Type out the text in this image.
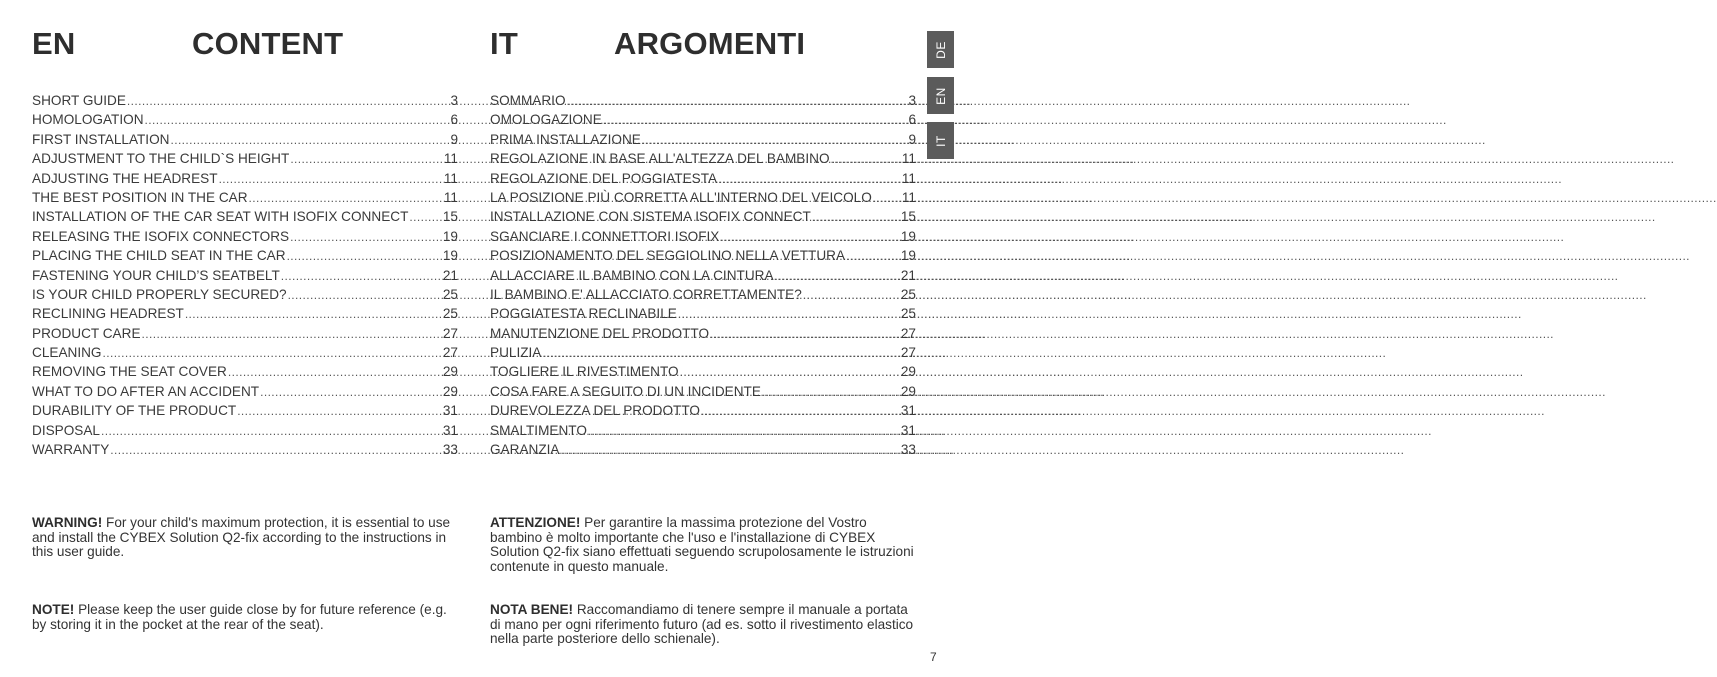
EN	CONTENT	IT	ARGOMENTI
SHORT GUIDE .....	3
HOMOLOGATION .....	6
FIRST INSTALLATION .....	9
ADJUSTMENT TO THE CHILD`S HEIGHT .....	11
ADJUSTING THE HEADREST .....	11
THE BEST POSITION IN THE CAR .....	11
INSTALLATION OF THE CAR SEAT WITH ISOFIX CONNECT .....	15
RELEASING THE ISOFIX CONNECTORS .....	19
PLACING THE CHILD SEAT IN THE CAR .....	19
FASTENING YOUR CHILD’S SEATBELT .....	21
IS YOUR CHILD PROPERLY SECURED? .....	25
RECLINING HEADREST .....	25
PRODUCT CARE .....	27
CLEANING .....	27
REMOVING THE SEAT COVER .....	29
WHAT TO DO AFTER AN ACCIDENT .....	29
DURABILITY OF THE PRODUCT .....	31
DISPOSAL .....	31
WARRANTY .....	33
SOMMARIO .....	3
OMOLOGAZIONE .....	6
PRIMA INSTALLAZIONE .....	9
REGOLAZIONE IN BASE ALL'ALTEZZA DEL BAMBINO .....	11
REGOLAZIONE DEL POGGIATESTA .....	11
LA POSIZIONE PIÙ CORRETTA ALL'INTERNO DEL VEICOLO ..... 11
INSTALLAZIONE CON SISTEMA ISOFIX CONNECT .....	15
SGANCIARE I CONNETTORI ISOFIX .....	19
POSIZIONAMENTO DEL SEGGIOLINO NELLA VETTURA .....	19
ALLACCIARE IL BAMBINO CON LA CINTURA .....	21
IL BAMBINO E' ALLACCIATO CORRETTAMENTE? .....	25
POGGIATESTA RECLINABILE .....	25
MANUTENZIONE DEL PRODOTTO .....	27
PULIZIA .....	27
TOGLIERE IL RIVESTIMENTO .....	29
COSA FARE A SEGUITO DI UN INCIDENTE .....	29
DUREVOLEZZA DEL PRODOTTO .....	31
SMALTIMENTO .....	31
GARANZIA .....	33

WARNING! For your child's maximum protection, it is essential to use and install the CYBEX Solution Q2-fix according to the instructions in this user guide.

NOTE! Please keep the user guide close by for future reference (e.g. by storing it in the pocket at the rear of the seat).

ATTENZIONE! Per garantire la massima protezione del Vostro bambino è molto importante che l'uso e l'installazione di CYBEX Solution Q2-fix siano effettuati seguendo scrupolosamente le istruzioni contenute in questo manuale.

NOTA BENE! Raccomandiamo di tenere sempre il manuale a portata di mano per ogni riferimento futuro (ad es. sotto il rivestimento elastico nella parte posteriore dello schienale).

DE
EN
IT
7
